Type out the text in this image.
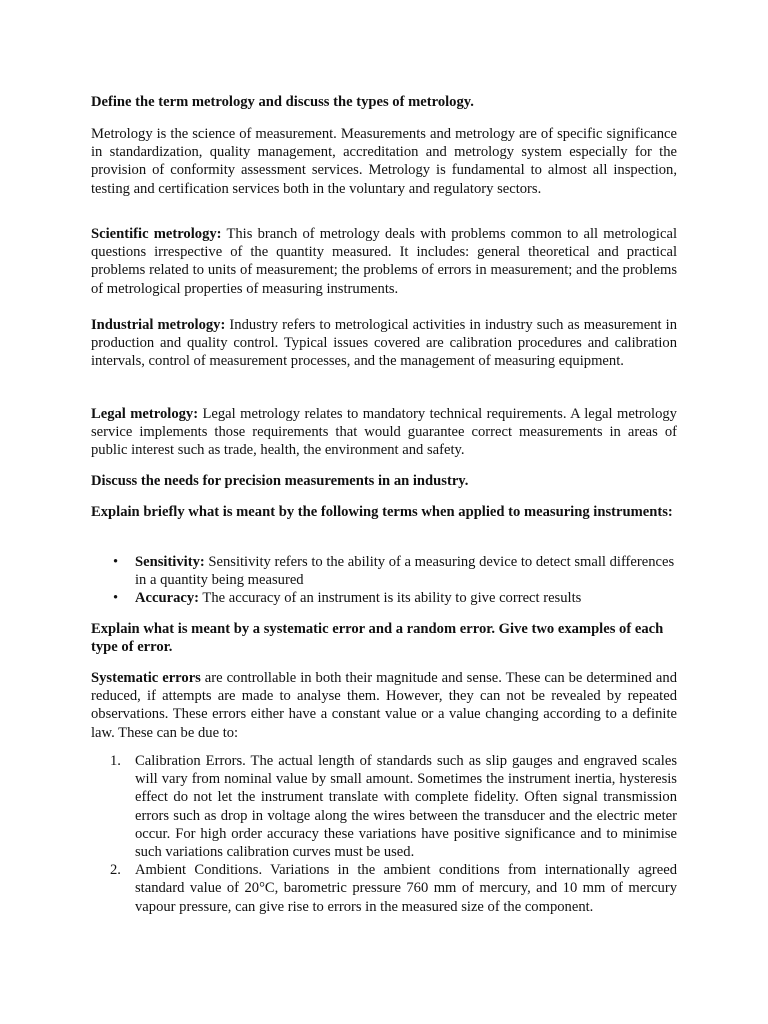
Define the term metrology and discuss the types of metrology.

Metrology is the science of measurement. Measurements and metrology are of specific significance in standardization, quality management, accreditation and metrology system especially for the provision of conformity assessment services. Metrology is fundamental to almost all inspection, testing and certification services both in the voluntary and regulatory sectors.

Scientific metrology: This branch of metrology deals with problems common to all metrological questions irrespective of the quantity measured. It includes: general theoretical and practical problems related to units of measurement; the problems of errors in measurement; and the problems of metrological properties of measuring instruments.

Industrial metrology: Industry refers to metrological activities in industry such as measurement in production and quality control. Typical issues covered are calibration procedures and calibration intervals, control of measurement processes, and the management of measuring equipment.

Legal metrology: Legal metrology relates to mandatory technical requirements. A legal metrology service implements those requirements that would guarantee correct measurements in areas of public interest such as trade, health, the environment and safety.

Discuss the needs for precision measurements in an industry.

Explain briefly what is meant by the following terms when applied to measuring instruments:

• Sensitivity: Sensitivity refers to the ability of a measuring device to detect small differences in a quantity being measured
• Accuracy: The accuracy of an instrument is its ability to give correct results

Explain what is meant by a systematic error and a random error. Give two examples of each type of error.

Systematic errors are controllable in both their magnitude and sense. These can be determined and reduced, if attempts are made to analyse them. However, they can not be revealed by repeated observations. These errors either have a constant value or a value changing according to a definite law. These can be due to:

1. Calibration Errors. The actual length of standards such as slip gauges and engraved scales will vary from nominal value by small amount. Sometimes the instrument inertia, hysteresis effect do not let the instrument translate with complete fidelity. Often signal transmission errors such as drop in voltage along the wires between the transducer and the electric meter occur. For high order accuracy these variations have positive significance and to minimise such variations calibration curves must be used.
2. Ambient Conditions. Variations in the ambient conditions from internationally agreed standard value of 20°C, barometric pressure 760 mm of mercury, and 10 mm of mercury vapour pressure, can give rise to errors in the measured size of the component.
